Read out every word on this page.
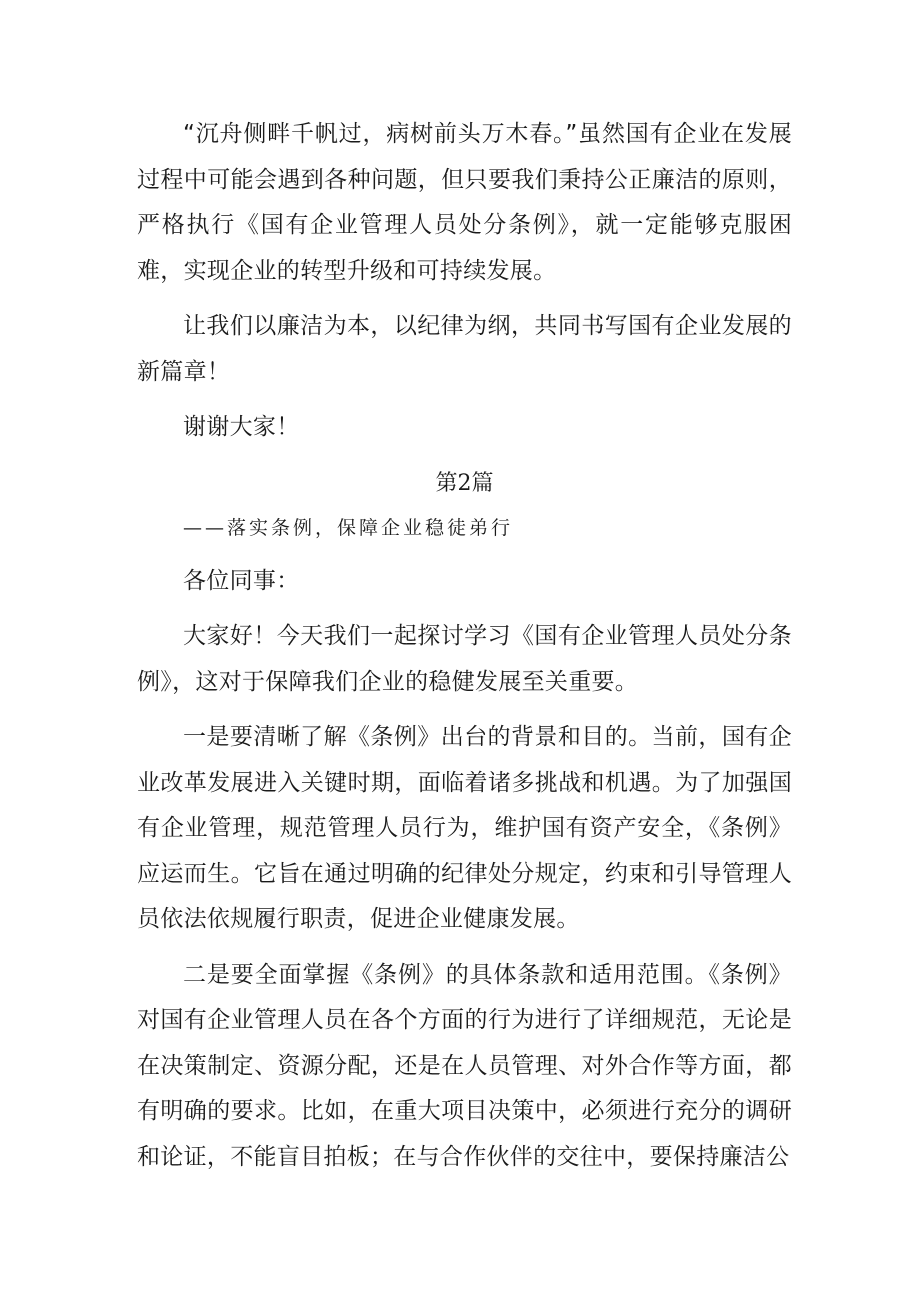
“沉舟侧畔千帆过，病树前头万木春。”虽然国有企业在发展过程中可能会遇到各种问题，但只要我们秉持公正廉洁的原则，严格执行《国有企业管理人员处分条例》，就一定能够克服困难，实现企业的转型升级和可持续发展。

让我们以廉洁为本，以纪律为纲，共同书写国有企业发展的新篇章！

谢谢大家！

第2篇
——落实条例，保障企业稳徒弟行

各位同事：

大家好！今天我们一起探讨学习《国有企业管理人员处分条例》，这对于保障我们企业的稳健发展至关重要。

一是要清晰了解《条例》出台的背景和目的。当前，国有企业改革发展进入关键时期，面临着诸多挑战和机遇。为了加强国有企业管理，规范管理人员行为，维护国有资产安全，《条例》应运而生。它旨在通过明确的纪律处分规定，约束和引导管理人员依法依规履行职责，促进企业健康发展。

二是要全面掌握《条例》的具体条款和适用范围。《条例》对国有企业管理人员在各个方面的行为进行了详细规范，无论是在决策制定、资源分配，还是在人员管理、对外合作等方面，都有明确的要求。比如，在重大项目决策中，必须进行充分的调研和论证，不能盲目拍板；在与合作伙伴的交往中，要保持廉洁公
